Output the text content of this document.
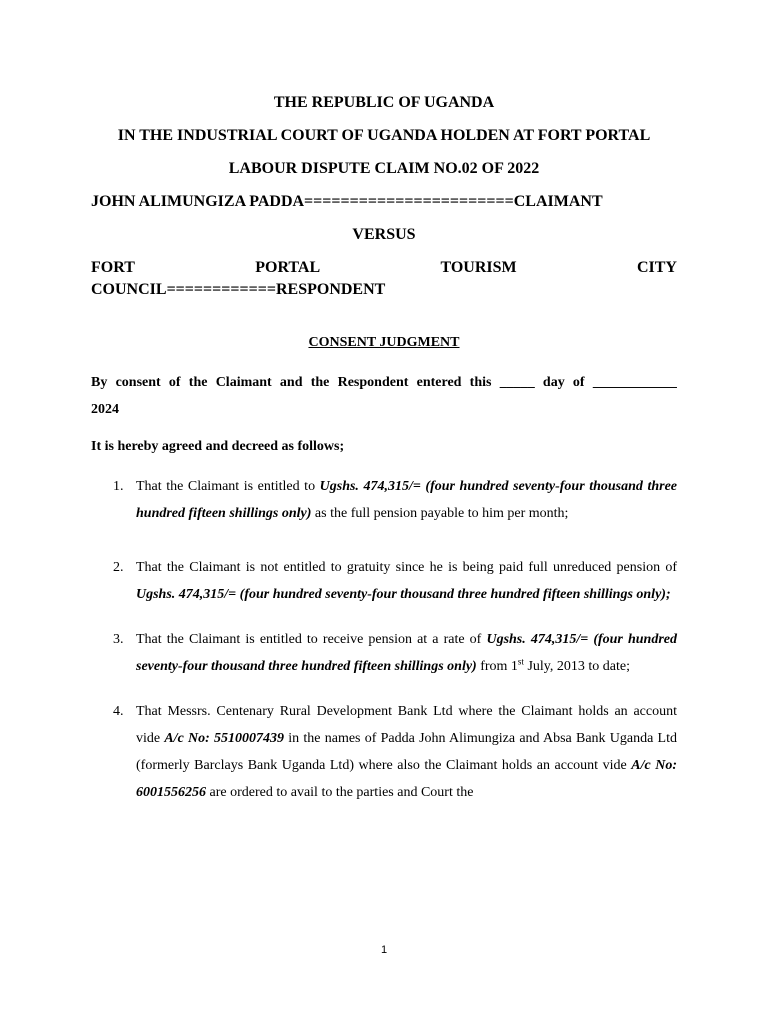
THE REPUBLIC OF UGANDA

IN THE INDUSTRIAL COURT OF UGANDA HOLDEN AT FORT PORTAL

LABOUR DISPUTE CLAIM NO.02 OF 2022

JOHN ALIMUNGIZA PADDA=======================CLAIMANT

VERSUS

FORT	PORTAL	TOURISM	CITY
COUNCIL============RESPONDENT
CONSENT JUDGMENT
By consent of the Claimant and the Respondent entered this _____ day of ____________
2024
It is hereby agreed and decreed as follows;
1. That the Claimant is entitled to Ugshs. 474,315/= (four hundred seventy-four thousand three hundred fifteen shillings only) as the full pension payable to him per month;
2. That the Claimant is not entitled to gratuity since he is being paid full unreduced pension of Ugshs. 474,315/= (four hundred seventy-four thousand three hundred fifteen shillings only);
3. That the Claimant is entitled to receive pension at a rate of Ugshs. 474,315/= (four hundred seventy-four thousand three hundred fifteen shillings only) from 1st July, 2013 to date;
4. That Messrs. Centenary Rural Development Bank Ltd where the Claimant holds an account vide A/c No: 5510007439 in the names of Padda John Alimungiza and Absa Bank Uganda Ltd (formerly Barclays Bank Uganda Ltd) where also the Claimant holds an account vide A/c No: 6001556256 are ordered to avail to the parties and Court the
1
